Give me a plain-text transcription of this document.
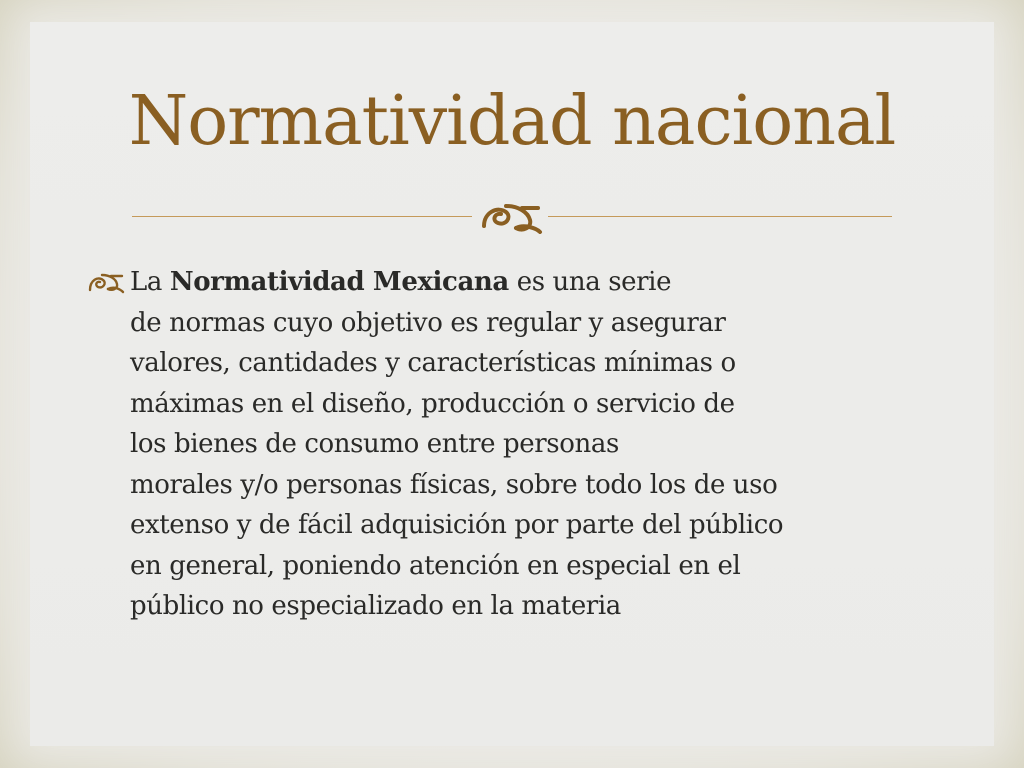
Normatividad nacional

La Normatividad Mexicana es una serie
de normas cuyo objetivo es regular y asegurar
valores, cantidades y características mínimas o
máximas en el diseño, producción o servicio de
los bienes de consumo entre personas
morales y/o personas físicas, sobre todo los de uso
extenso y de fácil adquisición por parte del público
en general, poniendo atención en especial en el
público no especializado en la materia
